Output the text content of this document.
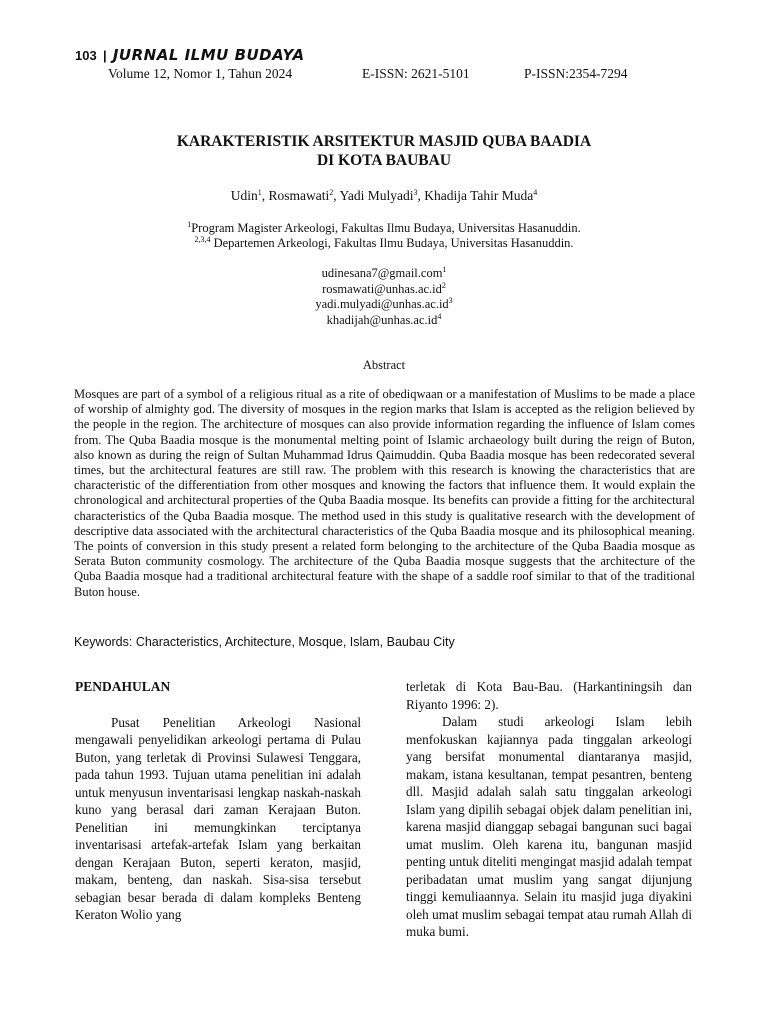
103 | JURNAL ILMU BUDAYA
Volume 12, Nomor 1, Tahun 2024	E-ISSN: 2621-5101	P-ISSN:2354-7294
KARAKTERISTIK ARSITEKTUR MASJID QUBA BAADIA
DI KOTA BAUBAU
Udin$^1$, Rosmawati$^2$, Yadi Mulyadi$^3$, Khadija Tahir Muda$^4$
$^1$Program Magister Arkeologi, Fakultas Ilmu Budaya, Universitas Hasanuddin.
$^{2,3,4}$ Departemen Arkeologi, Fakultas Ilmu Budaya, Universitas Hasanuddin.
udinesana7@gmail.com$^1$
$rosmawati@unhas.ac.id^2$
$yadi.mulyadi@unhas.ac.id^3$
$khadijah@unhas.ac.id^4$
Abstract

Mosques are part of a symbol of a religious ritual as a rite of obediqwaan or a manifestation of Muslims to be made a place of worship of almighty god. The diversity of mosques in the region marks that Islam is accepted as the religion believed by the people in the region. The architecture of mosques can also provide information regarding the influence of Islam comes from. The Quba Baadia mosque is the monumental melting point of Islamic archaeology built during the reign of Buton, also known as during the reign of Sultan Muhammad Idrus Qaimuddin. Quba Baadia mosque has been redecorated several times, but the architectural features are still raw. The problem with this research is knowing the characteristics that are characteristic of the differentiation from other mosques and knowing the factors that influence them. It would explain the chronological and architectural properties of the Quba Baadia mosque. Its benefits can provide a fitting for the architectural characteristics of the Quba Baadia mosque. The method used in this study is qualitative research with the development of descriptive data associated with the architectural characteristics of the Quba Baadia mosque and its philosophical meaning. The points of conversion in this study present a related form belonging to the architecture of the Quba Baadia mosque as Serata Buton community cosmology. The architecture of the Quba Baadia mosque suggests that the architecture of the Quba Baadia mosque had a traditional architectural feature with the shape of a saddle roof similar to that of the traditional Buton house.

Keywords: Characteristics, Architecture, Mosque, Islam, Baubau City
PENDAHULAN

Pusat Penelitian Arkeologi Nasional mengawali penyelidikan arkeologi pertama di Pulau Buton, yang terletak di Provinsi Sulawesi Tenggara, pada tahun 1993. Tujuan utama penelitian ini adalah untuk menyusun inventarisasi lengkap naskah-naskah kuno yang berasal dari zaman Kerajaan Buton. Penelitian ini memungkinkan terciptanya inventarisasi artefak-artefak Islam yang berkaitan dengan Kerajaan Buton, seperti keraton, masjid, makam, benteng, dan naskah. Sisa-sisa tersebut sebagian besar berada di dalam kompleks Benteng Keraton Wolio yang

terletak di Kota Bau-Bau. (Harkantiningsih dan Riyanto 1996: 2).

Dalam studi arkeologi Islam lebih menfokuskan kajiannya pada tinggalan arkeologi yang bersifat monumental diantaranya masjid, makam, istana kesultanan, tempat pesantren, benteng dll. Masjid adalah salah satu tinggalan arkeologi Islam yang dipilih sebagai objek dalam penelitian ini, karena masjid dianggap sebagai bangunan suci bagai umat muslim. Oleh karena itu, bangunan masjid penting untuk diteliti mengingat masjid adalah tempat peribadatan umat muslim yang sangat dijunjung tinggi kemuliaannya. Selain itu masjid juga diyakini oleh umat muslim sebagai tempat atau rumah Allah di muka bumi.
